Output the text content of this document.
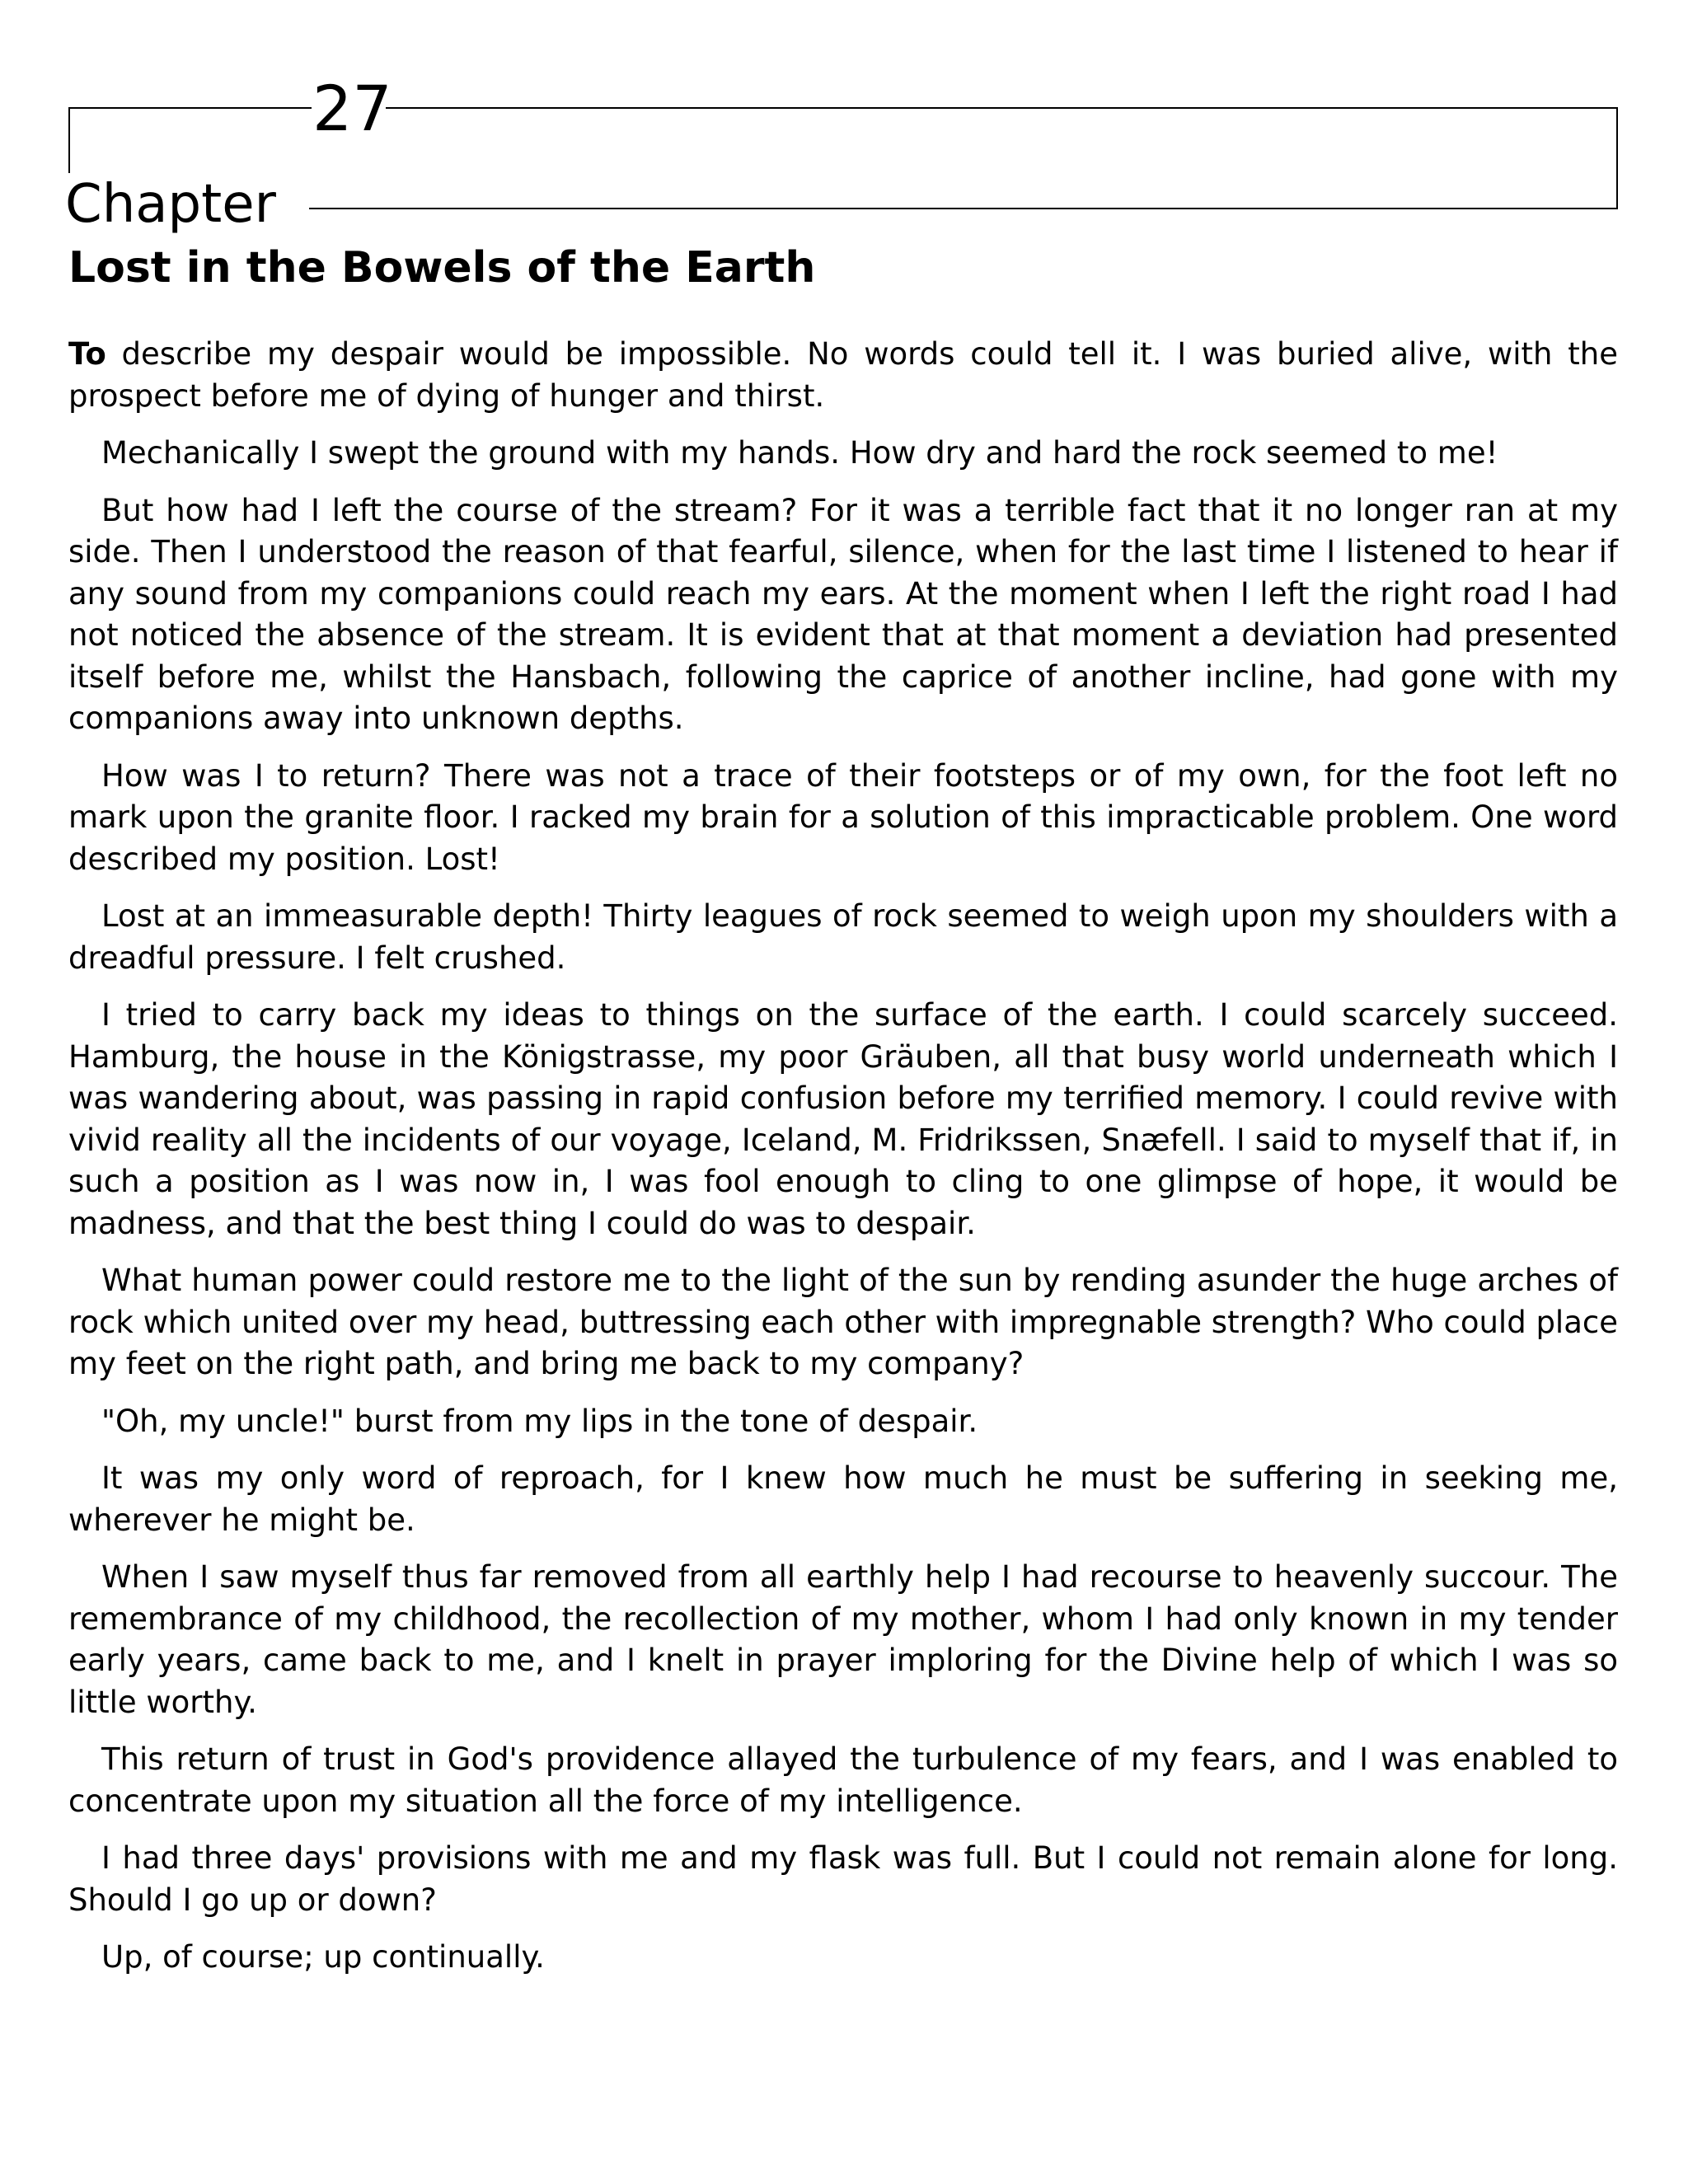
27
Chapter
Lost in the Bowels of the Earth

To describe my despair would be impossible. No words could tell it. I was buried alive, with the prospect before me of dying of hunger and thirst.

Mechanically I swept the ground with my hands. How dry and hard the rock seemed to me!

But how had I left the course of the stream? For it was a terrible fact that it no longer ran at my side. Then I understood the reason of that fearful, silence, when for the last time I listened to hear if any sound from my companions could reach my ears. At the moment when I left the right road I had not noticed the absence of the stream. It is evident that at that moment a deviation had presented itself before me, whilst the Hansbach, following the caprice of another incline, had gone with my companions away into unknown depths.

How was I to return? There was not a trace of their footsteps or of my own, for the foot left no mark upon the granite floor. I racked my brain for a solution of this impracticable problem. One word described my position. Lost!

Lost at an immeasurable depth! Thirty leagues of rock seemed to weigh upon my shoulders with a dreadful pressure. I felt crushed.

I tried to carry back my ideas to things on the surface of the earth. I could scarcely succeed. Hamburg, the house in the Königstrasse, my poor Gräuben, all that busy world underneath which I was wandering about, was passing in rapid confusion before my terrified memory. I could revive with vivid reality all the incidents of our voyage, Iceland, M. Fridrikssen, Snæfell. I said to myself that if, in such a position as I was now in, I was fool enough to cling to one glimpse of hope, it would be madness, and that the best thing I could do was to despair.

What human power could restore me to the light of the sun by rending asunder the huge arches of rock which united over my head, buttressing each other with impregnable strength? Who could place my feet on the right path, and bring me back to my company?

"Oh, my uncle!" burst from my lips in the tone of despair.

It was my only word of reproach, for I knew how much he must be suffering in seeking me, wherever he might be.

When I saw myself thus far removed from all earthly help I had recourse to heavenly succour. The remembrance of my childhood, the recollection of my mother, whom I had only known in my tender early years, came back to me, and I knelt in prayer imploring for the Divine help of which I was so little worthy.

This return of trust in God's providence allayed the turbulence of my fears, and I was enabled to concentrate upon my situation all the force of my intelligence.

I had three days' provisions with me and my flask was full. But I could not remain alone for long. Should I go up or down?

Up, of course; up continually.
